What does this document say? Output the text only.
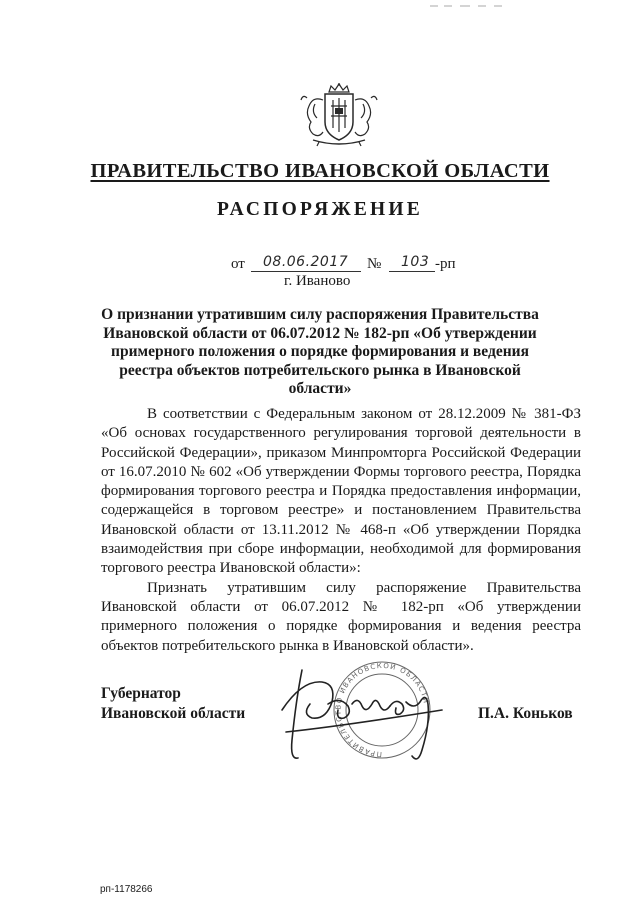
ПРАВИТЕЛЬСТВО ИВАНОВСКОЙ ОБЛАСТИ
РАСПОРЯЖЕНИЕ
от 08.06.2017 № 103 -рп
г. Иваново
О признании утратившим силу распоряжения Правительства Ивановской области от 06.07.2012 № 182-рп «Об утверждении примерного положения о порядке формирования и ведения реестра объектов потребительского рынка в Ивановской области»

В соответствии с Федеральным законом от 28.12.2009 № 381-ФЗ «Об основах государственного регулирования торговой деятельности в Российской Федерации», приказом Минпромторга Российской Федерации от 16.07.2010 № 602 «Об утверждении Формы торгового реестра, Порядка формирования торгового реестра и Порядка предоставления информации, содержащейся в торговом реестре» и постановлением Правительства Ивановской области от 13.11.2012 № 468-п «Об утверждении Порядка взаимодействия при сборе информации, необходимой для формирования торгового реестра Ивановской области»:

Признать утратившим силу распоряжение Правительства Ивановской области от 06.07.2012 № 182-рп «Об утверждении примерного положения о порядке формирования и ведения реестра объектов потребительского рынка в Ивановской области».

ПРАВИТЕЛЬСТВО ИВАНОВСКОЙ ОБЛАСТИ
Губернатор
Ивановской области	П.А. Коньков
рп-1178266
